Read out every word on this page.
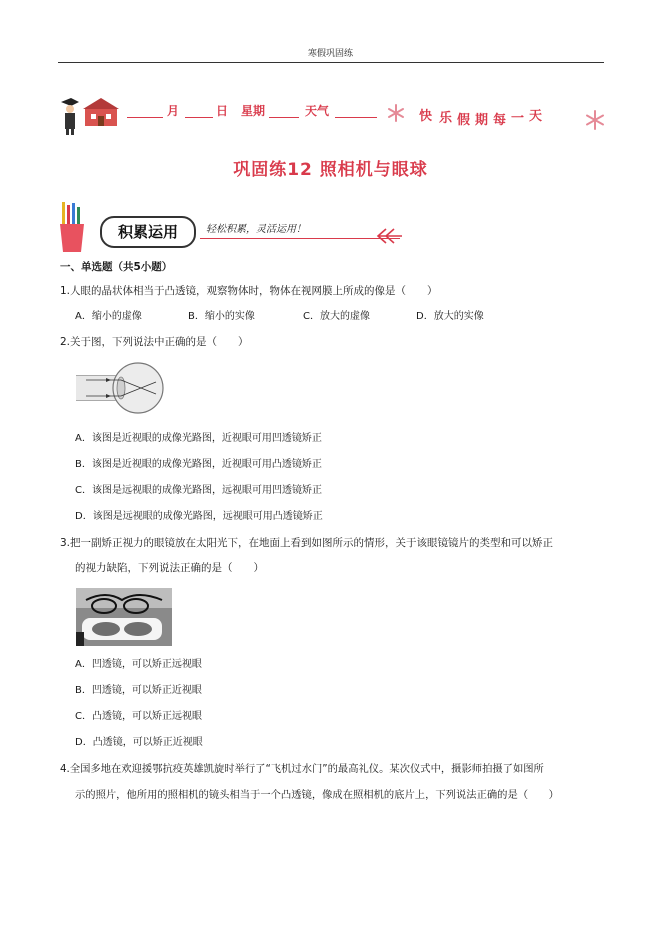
寒假巩固练
月	日 星期	天气	快 乐 假 期 每 一 天
巩固练12 照相机与眼球
积累运用	轻松积累，灵活运用！
一、单选题（共5小题）
1.人眼的晶状体相当于凸透镜，观察物体时，物体在视网膜上所成的像是（　　）
A．缩小的虚像	B．缩小的实像	C．放大的虚像	D．放大的实像
2.关于图，下列说法中正确的是（　　）
A．该图是近视眼的成像光路图，近视眼可用凹透镜矫正
B．该图是近视眼的成像光路图，近视眼可用凸透镜矫正
C．该图是远视眼的成像光路图，远视眼可用凹透镜矫正
D．该图是远视眼的成像光路图，远视眼可用凸透镜矫正
3.把一副矫正视力的眼镜放在太阳光下，在地面上看到如图所示的情形，关于该眼镜镜片的类型和可以矫正
的视力缺陷，下列说法正确的是（　　）
A．凹透镜，可以矫正远视眼
B．凹透镜，可以矫正近视眼
C．凸透镜，可以矫正远视眼
D．凸透镜，可以矫正近视眼
4.全国多地在欢迎援鄂抗疫英雄凯旋时举行了“飞机过水门”的最高礼仪。某次仪式中，摄影师拍摄了如图所
示的照片，他所用的照相机的镜头相当于一个凸透镜，像成在照相机的底片上，下列说法正确的是（　　）
